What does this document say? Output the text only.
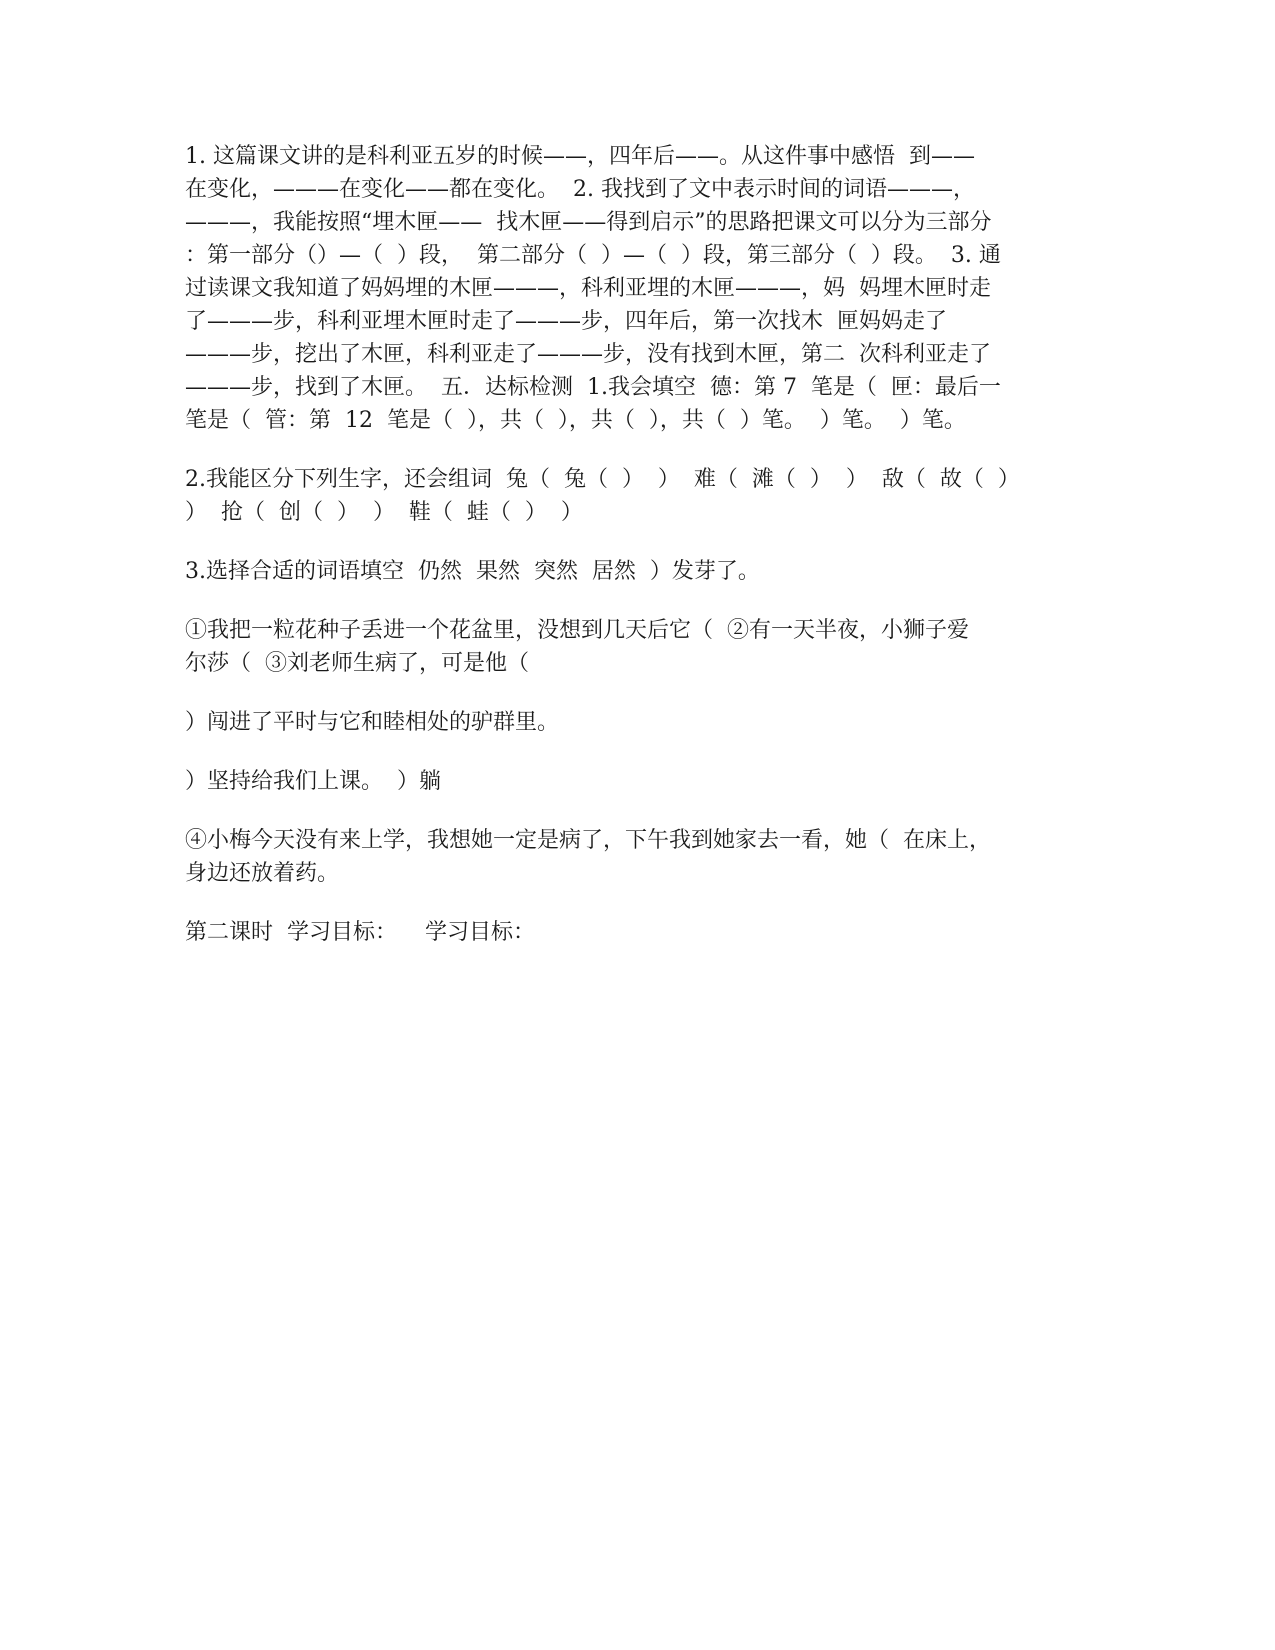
1. 这篇课文讲的是科利亚五岁的时候——，四年后——。从这件事中感悟  到——
在变化，———在变化——都在变化。  2. 我找到了文中表示时间的词语———，
———，我能按照“埋木匣——  找木匣——得到启示”的思路把课文可以分为三部分
：第一部分（）—（  ）段，  第二部分（  ）—（  ）段，第三部分（  ）段。  3. 通
过读课文我知道了妈妈埋的木匣———，科利亚埋的木匣———，妈  妈埋木匣时走
了———步，科利亚埋木匣时走了———步，四年后，第一次找木  匣妈妈走了
———步，挖出了木匣，科利亚走了———步，没有找到木匣，第二  次科利亚走了
———步，找到了木匣。  五．达标检测  1.我会填空  德：第 7  笔是（  匣：最后一
笔是（  管：第  12  笔是（  ），共（  ），共（  ），共（  ）笔。  ）笔。  ）笔。

2.我能区分下列生字，还会组词  兔（  兔（  ）  ）  难（  滩（  ）  ）  敌（  故（  ）
）  抢（  创（  ）  ）  鞋（  蛙（  ）  ）

3.选择合适的词语填空  仍然  果然  突然  居然  ）发芽了。

①我把一粒花种子丢进一个花盆里，没想到几天后它（  ②有一天半夜，小狮子爱
尔莎（  ③刘老师生病了，可是他（

）闯进了平时与它和睦相处的驴群里。

）坚持给我们上课。  ）躺

④小梅今天没有来上学，我想她一定是病了，下午我到她家去一看，她（  在床上，
身边还放着药。

第二课时  学习目标：    学习目标：
